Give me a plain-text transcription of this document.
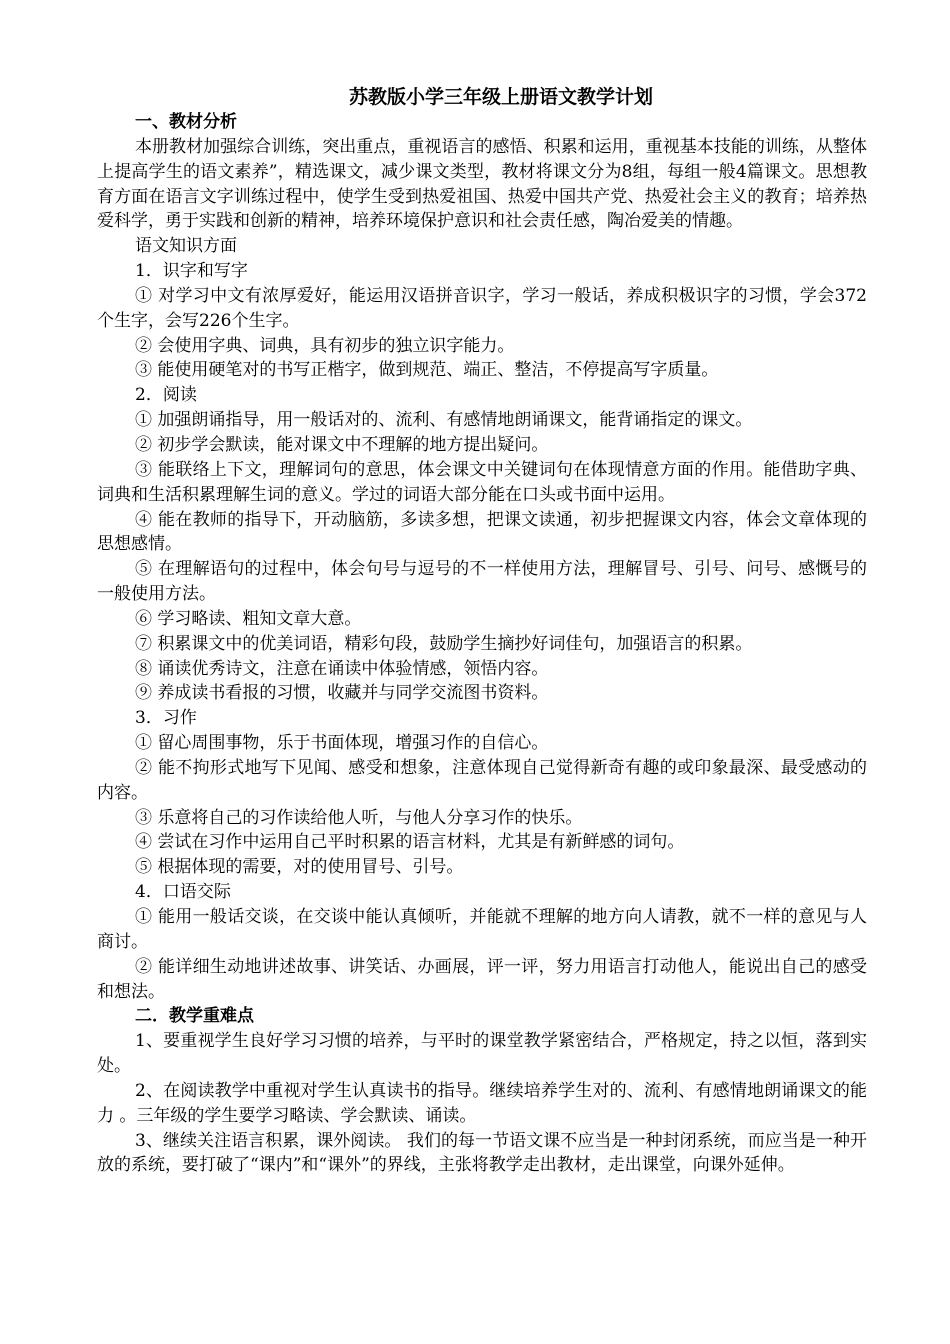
苏教版小学三年级上册语文教学计划

一、教材分析

本册教材加强综合训练，突出重点，重视语言的感悟、积累和运用，重视基本技能的训练，从整体上提高学生的语文素养”，精选课文，减少课文类型，教材将课文分为8组，每组一般4篇课文。思想教育方面在语言文字训练过程中，使学生受到热爱祖国、热爱中国共产党、热爱社会主义的教育；培养热爱科学，勇于实践和创新的精神，培养环境保护意识和社会责任感，陶冶爱美的情趣。

语文知识方面

1．识字和写字

① 对学习中文有浓厚爱好，能运用汉语拼音识字，学习一般话，养成积极识字的习惯，学会372个生字，会写226个生字。

② 会使用字典、词典，具有初步的独立识字能力。

③ 能使用硬笔对的书写正楷字，做到规范、端正、整洁，不停提高写字质量。

2．阅读

① 加强朗诵指导，用一般话对的、流利、有感情地朗诵课文，能背诵指定的课文。

② 初步学会默读，能对课文中不理解的地方提出疑问。

③ 能联络上下文，理解词句的意思，体会课文中关键词句在体现情意方面的作用。能借助字典、词典和生活积累理解生词的意义。学过的词语大部分能在口头或书面中运用。

④ 能在教师的指导下，开动脑筋，多读多想，把课文读通，初步把握课文内容，体会文章体现的思想感情。

⑤ 在理解语句的过程中，体会句号与逗号的不一样使用方法，理解冒号、引号、问号、感慨号的一般使用方法。

⑥ 学习略读、粗知文章大意。

⑦ 积累课文中的优美词语，精彩句段，鼓励学生摘抄好词佳句，加强语言的积累。

⑧ 诵读优秀诗文，注意在诵读中体验情感，领悟内容。

⑨ 养成读书看报的习惯，收藏并与同学交流图书资料。

3．习作

① 留心周围事物，乐于书面体现，增强习作的自信心。

② 能不拘形式地写下见闻、感受和想象，注意体现自己觉得新奇有趣的或印象最深、最受感动的内容。

③ 乐意将自己的习作读给他人听，与他人分享习作的快乐。

④ 尝试在习作中运用自己平时积累的语言材料，尤其是有新鲜感的词句。

⑤ 根据体现的需要，对的使用冒号、引号。

4．口语交际

① 能用一般话交谈，在交谈中能认真倾听，并能就不理解的地方向人请教，就不一样的意见与人商讨。

② 能详细生动地讲述故事、讲笑话、办画展，评一评，努力用语言打动他人，能说出自己的感受和想法。

二．教学重难点

1、要重视学生良好学习习惯的培养，与平时的课堂教学紧密结合，严格规定，持之以恒，落到实处。

2、在阅读教学中重视对学生认真读书的指导。继续培养学生对的、流利、有感情地朗诵课文的能力 。三年级的学生要学习略读、学会默读、诵读。

3、继续关注语言积累，课外阅读。 我们的每一节语文课不应当是一种封闭系统，而应当是一种开放的系统，要打破了“课内”和“课外”的界线，主张将教学走出教材，走出课堂，向课外延伸。
